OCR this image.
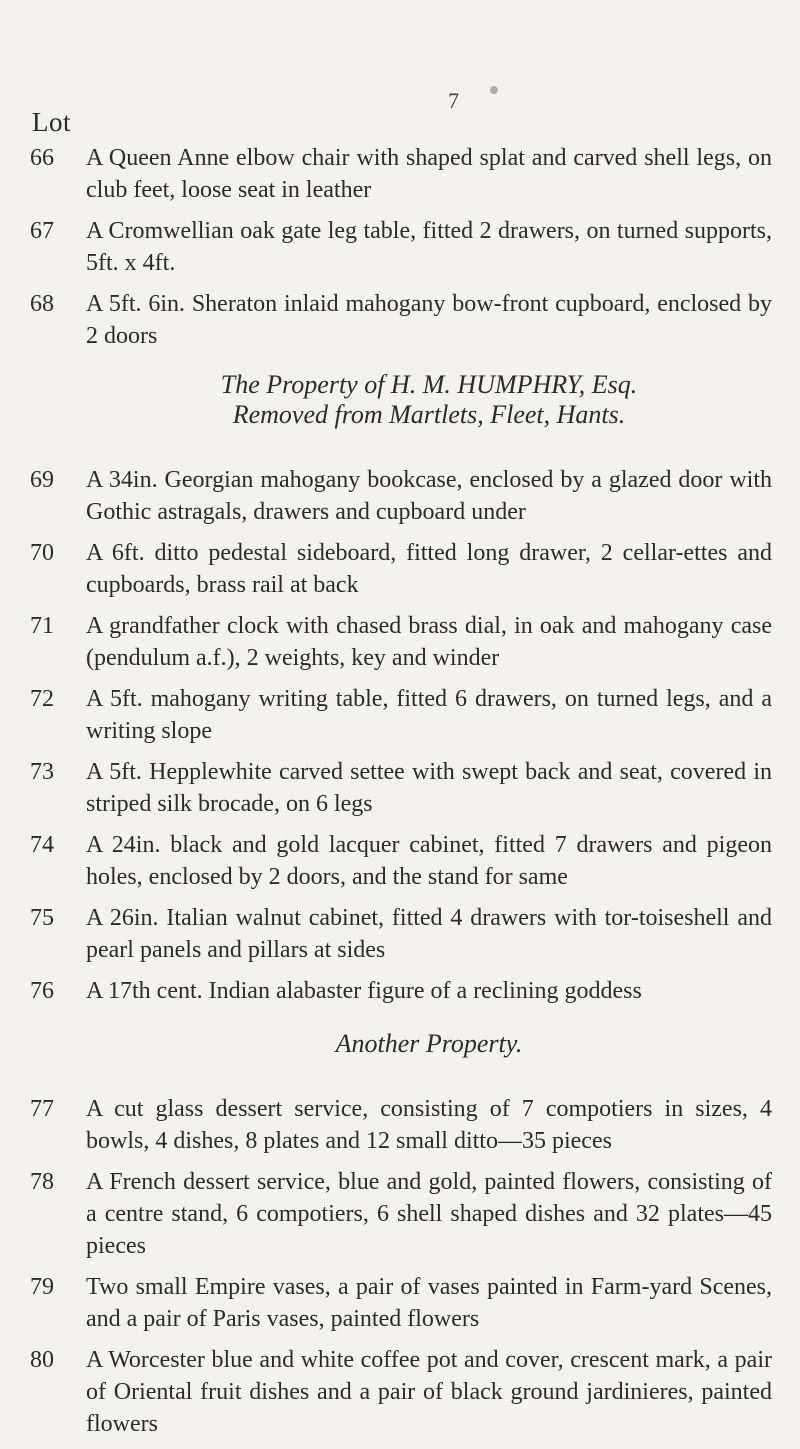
7
Lot
66 A Queen Anne elbow chair with shaped splat and carved shell legs, on club feet, loose seat in leather
67 A Cromwellian oak gate leg table, fitted 2 drawers, on turned supports, 5ft. x 4ft.
68 A 5ft. 6in. Sheraton inlaid mahogany bow-front cupboard, enclosed by 2 doors
The Property of H. M. HUMPHRY, Esq.
Removed from Martlets, Fleet, Hants.
69 A 34in. Georgian mahogany bookcase, enclosed by a glazed door with Gothic astragals, drawers and cupboard under
70 A 6ft. ditto pedestal sideboard, fitted long drawer, 2 cellar-ettes and cupboards, brass rail at back
71 A grandfather clock with chased brass dial, in oak and mahogany case (pendulum a.f.), 2 weights, key and winder
72 A 5ft. mahogany writing table, fitted 6 drawers, on turned legs, and a writing slope
73 A 5ft. Hepplewhite carved settee with swept back and seat, covered in striped silk brocade, on 6 legs
74 A 24in. black and gold lacquer cabinet, fitted 7 drawers and pigeon holes, enclosed by 2 doors, and the stand for same
75 A 26in. Italian walnut cabinet, fitted 4 drawers with tor-toiseshell and pearl panels and pillars at sides
76 A 17th cent. Indian alabaster figure of a reclining goddess
Another Property.
77 A cut glass dessert service, consisting of 7 compotiers in sizes, 4 bowls, 4 dishes, 8 plates and 12 small ditto—35 pieces
78 A French dessert service, blue and gold, painted flowers, consisting of a centre stand, 6 compotiers, 6 shell shaped dishes and 32 plates—45 pieces
79 Two small Empire vases, a pair of vases painted in Farm-yard Scenes, and a pair of Paris vases, painted flowers
80 A Worcester blue and white coffee pot and cover, crescent mark, a pair of Oriental fruit dishes and a pair of black ground jardinieres, painted flowers
